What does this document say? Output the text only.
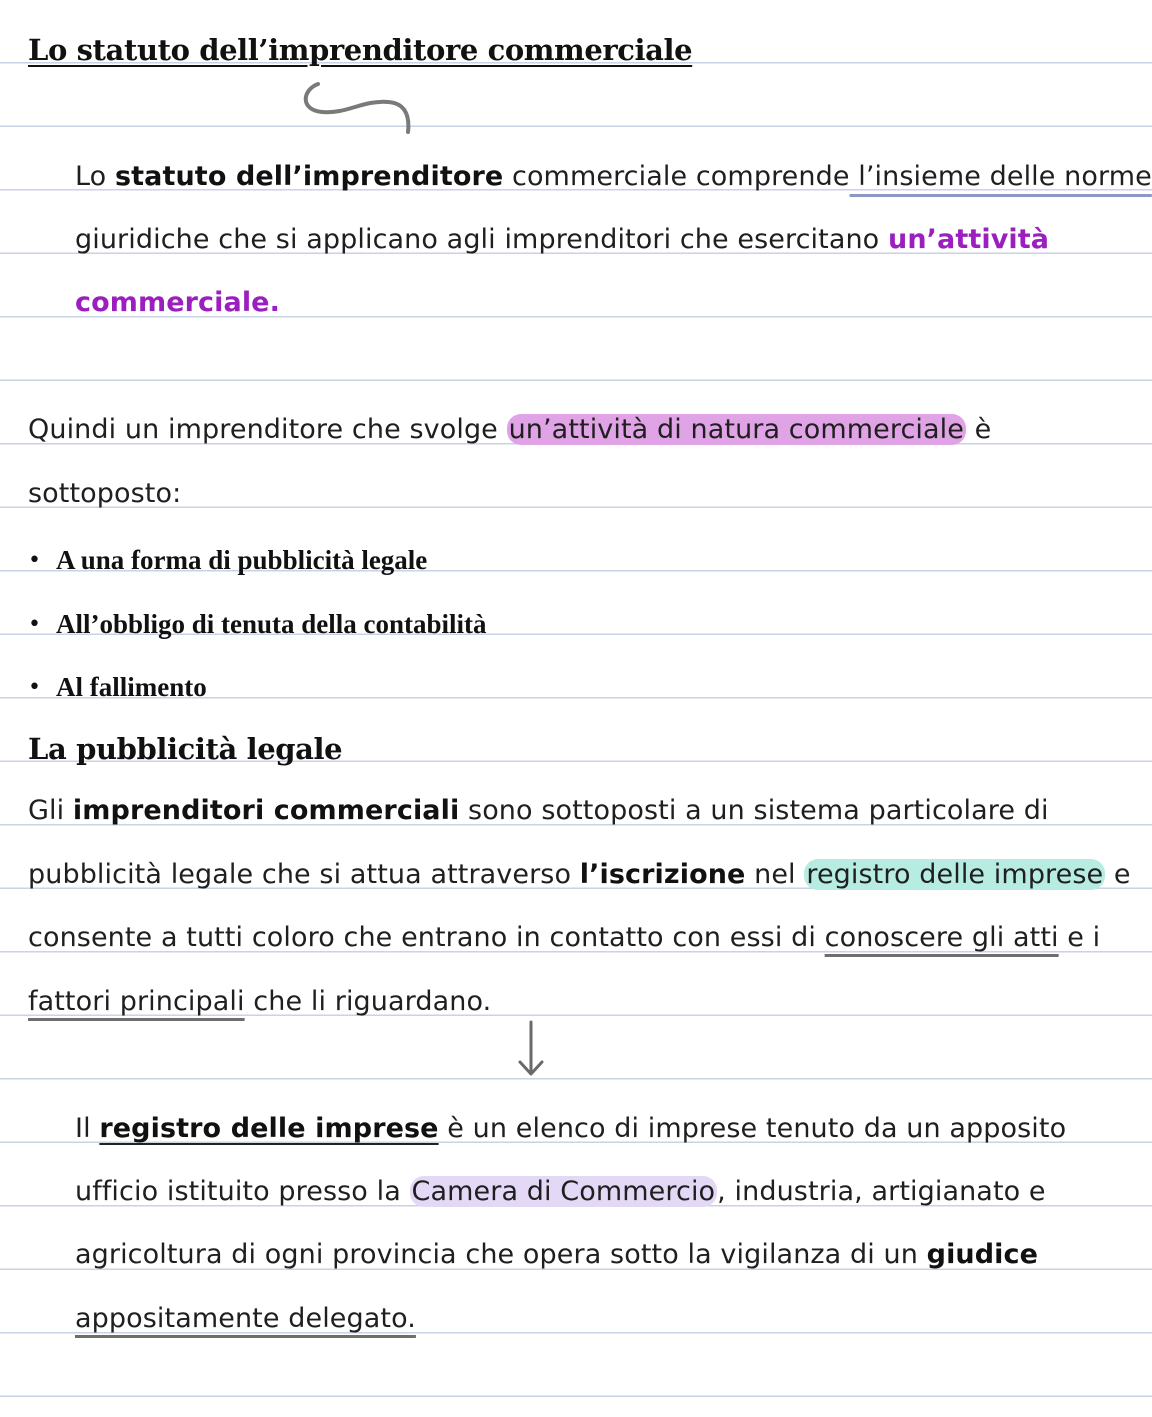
Lo statuto dell’imprenditore commerciale
Lo statuto dell’imprenditore commerciale comprende l’insieme delle norme
giuridiche che si applicano agli imprenditori che esercitano un’attività
commerciale.
Quindi un imprenditore che svolge un’attività di natura commerciale è
sottoposto:
• A una forma di pubblicità legale
• All’obbligo di tenuta della contabilità
• Al fallimento
La pubblicità legale
Gli imprenditori commerciali sono sottoposti a un sistema particolare di
pubblicità legale che si attua attraverso l’iscrizione nel registro delle imprese e
consente a tutti coloro che entrano in contatto con essi di conoscere gli atti e i
fattori principali che li riguardano.
Il registro delle imprese è un elenco di imprese tenuto da un apposito
ufficio istituito presso la Camera di Commercio, industria, artigianato e
agricoltura di ogni provincia che opera sotto la vigilanza di un giudice
appositamente delegato.
